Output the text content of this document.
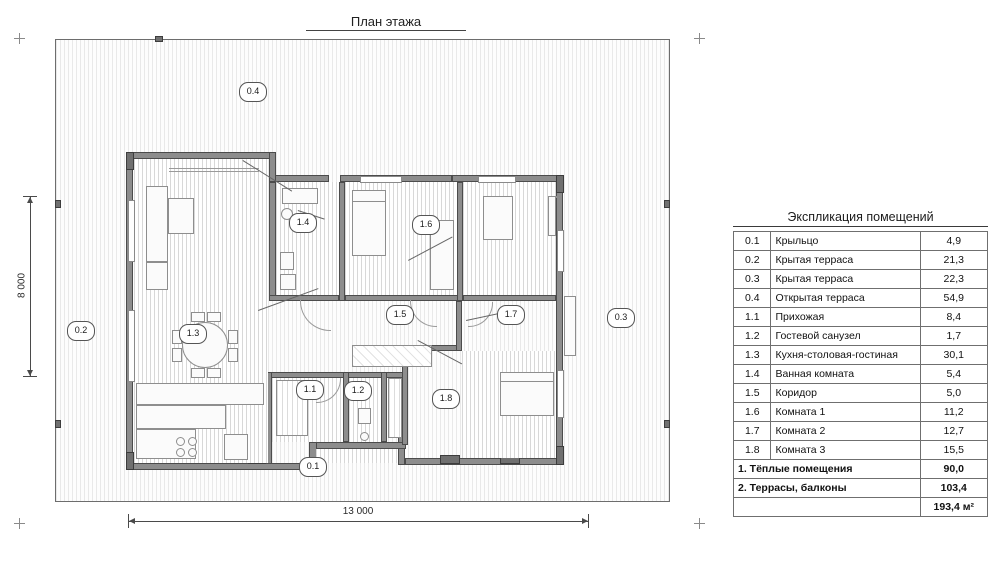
План этажа
0.4
0.2
0.3
0.1
1.4	1.6
1.3
1.5	1.7
1.1	1.2
1.8
13 000
8 000
Экспликация помещений
0.1	Крыльцо	4,9
0.2	Крытая терраса	21,3
0.3	Крытая терраса	22,3
0.4	Открытая терраса	54,9
1.1	Прихожая	8,4
1.2	Гостевой санузел	1,7
1.3	Кухня-столовая-гостиная	30,1
1.4	Ванная комната	5,4
1.5	Коридор	5,0
1.6	Комната 1	11,2
1.7	Комната 2	12,7
1.8	Комната 3	15,5
1. Тёплые помещения		90,0
2. Террасы, балконы		103,4
		193,4 м²
